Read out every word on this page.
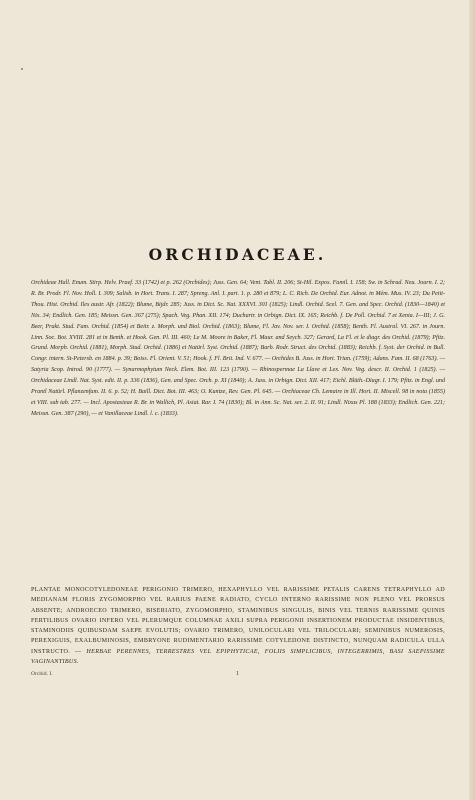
ORCHIDACEAE.
Orchideae Hall. Enum. Stirp. Helv. Praef. 33 (1742) et p. 262 (Orchides); Juss. Gen. 64; Vent. Tabl. II. 206; St-Hil. Expos. Famil. I. 158; Sw. in Schrad. Neu. Journ. I. 2; R. Br. Prodr. Fl. Nov. Holl. I. 309; Salisb. in Hort. Trans. I. 287; Spreng. Anl. I. part. 1. p. 280 et 879; L. C. Rich. De Orchid. Eur. Adnot. in Mém. Mus. IV. 23; Du Petit-Thou. Hist. Orchid. Iles austr. Afr. (1822); Blume, Bijdr. 285; Juss. in Dict. Sc. Nat. XXXVI. 301 (1825); Lindl. Orchid. Scel. 7. Gen. and Spec. Orchid. (1830—1840) et Nix. 34; Endlich. Gen. 185; Meissn. Gen. 367 (275); Spach. Veg. Phan. XII. 174; Duchartr. in Orbign. Dict. IX. 165; Reichb. f. De Poll. Orchid. 7 et Xenia. I—III; J. G. Beer, Prakt. Stud. Fam. Orchid. (1854) et Beitr. z. Morph. und Biol. Orchid. (1863); Blume, Fl. Jav. Nov. ser. I. Orchid. (1858); Benth. Fl. Austral. VI. 267. in Journ. Linn. Soc. Bot. XVIII. 281 et in Benth. et Hook. Gen. Pl. III. 460; Le M. Moore in Baker, Fl. Maur. and Seych. 327; Gerard, La Fl. et le diagr. des Orchid. (1879); Pfitz. Grund. Morph. Orchid. (1881), Morph. Stud. Orchid. (1886) et Natürl. Syst. Orchid. (1887); Barb. Rodr. Struct. des Orchid. (1883); Reichb. f. Syst. der Orchid. in Bull. Congr. intern. St-Petersb. en 1884. p. 39; Boiss. Fl. Orient. V. 51; Hook. f. Fl. Brit. Ind. V. 677. — Orchides B. Juss. in Hort. Trian. (1759); Adans. Fam. II. 68 (1763). — Satyria Scop. Introd. 90 (1777). — Synarmophytum Neck. Elem. Bot. III. 123 (1790). — Rhinospermae La Llave et Lex. Nov. Veg. descr. II. Orchid. 1 (1825). — Orchidaceae Lindl. Nat. Syst. edit. II. p. 336 (1836), Gen. and Spec. Orch. p. XI (1840); A. Juss. in Orbign. Dict. XII. 417; Eichl. Blüth.-Diagr. I. 179; Pfitz. in Engl. und Prantl Natürl. Pflanzenfam. II. 6. p. 52; H. Baill. Dict. Bot. III. 463; O. Kuntze, Rev. Gen. Pl. 645. — Orchiaceae Ch. Lemaire in Ill. Hort. II. Miscell. 98 in nota (1855) et VIII. sub tab. 277. — Incl. Apostasieae R. Br. in Wallich, Pl. Asiat. Rar. I. 74 (1830); Bl. in Ann. Sc. Nat. ser. 2. II. 91; Lindl. Nixus Pl. 188 (1833); Endlich. Gen. 221; Meissn. Gen. 387 (290), — et Vanillaceae Lindl. l. c. (1833).
PLANTAE MONOCOTYLEDONEAE PERIGONIO TRIMERO, HEXAPHYLLO VEL RARISSIME PETALIS CARENS TETRAPHYLLO AD MEDIANAM FLORIS ZYGOMORPHO VEL RARIUS PAENE RADIATO, CYCLO INTERNO RARISSIME NON PLENO VEL PRORSUS ABSENTE; ANDROECEO TRIMERO, BISERIATO, ZYGOMORPHO, STAMINIBUS SINGULIS, BINIS VEL TERNIS RARISSIME QUINIS FERTILIBUS OVARIO INFERO VEL PLERUMQUE COLUMNAE AXILI SUPRA PERIGONII INSERTIONEM PRODUCTAE INSIDENTIBUS, STAMINODIIS QUIBUSDAM SAEPE EVOLUTIS; OVARIO TRIMERO, UNILOCULARI VEL TRILOCULARI; SEMINIBUS NUMEROSIS, PEREXIGUIS, EXALBUMINOSIS, EMBRYONE RUDIMENTARIO RARISSIME COTYLEDONE DISTINCTO, NUNQUAM RADICULA ULLA INSTRUCTO. — HERBAE PERENNES, TERRESTRES VEL EPIPHYTICAE, FOLIIS SIMPLICIBUS, INTEGERRIMIS, BASI SAEPISSIME VAGINANTIBUS.
Orchid. I.	1
